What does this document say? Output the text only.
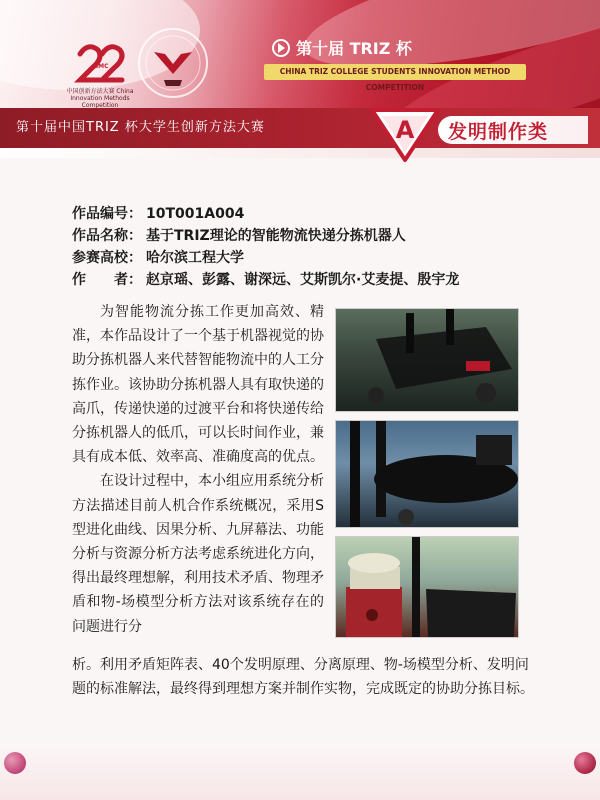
CIMC
中国创新方法大赛 China Innovation Methods Competition
第十届 TRIZ 杯
CHINA TRIZ COLLEGE STUDENTS INNOVATION METHOD COMPETITION
第十届中国TRIZ 杯大学生创新方法大赛	A 发明制作类
作品编号： 10T001A004
作品名称： 基于TRIZ理论的智能物流快递分拣机器人
参赛高校： 哈尔滨工程大学
作　　者： 赵京瑶、彭露、谢深远、艾斯凯尔·艾麦提、殷宇龙

为智能物流分拣工作更加高效、精准，本作品设计了一个基于机器视觉的协助分拣机器人来代替智能物流中的人工分拣作业。该协助分拣机器人具有取快递的高爪，传递快递的过渡平台和将快递传给分拣机器人的低爪，可以长时间作业，兼具有成本低、效率高、准确度高的优点。

在设计过程中，本小组应用系统分析方法描述目前人机合作系统概况，采用S型进化曲线、因果分析、九屏幕法、功能分析与资源分析方法考虑系统进化方向，得出最终理想解，利用技术矛盾、物理矛盾和物-场模型分析方法对该系统存在的问题进行分

析。利用矛盾矩阵表、40个发明原理、分离原理、物-场模型分析、发明问题的标准解法，最终得到理想方案并制作实物，完成既定的协助分拣目标。
